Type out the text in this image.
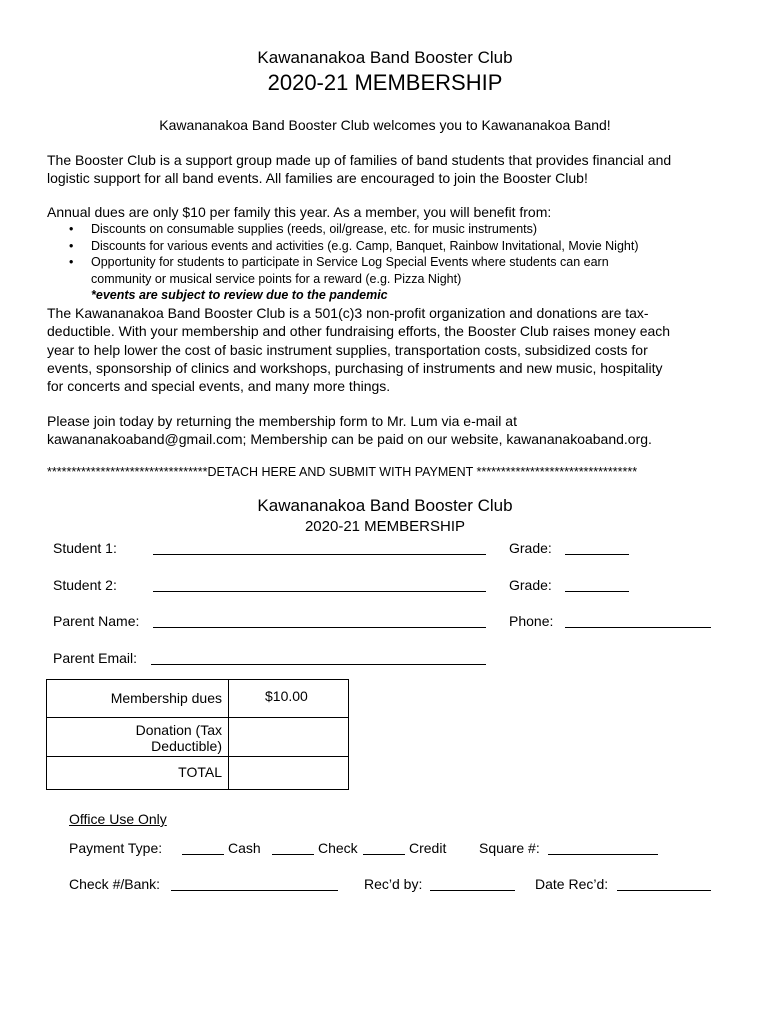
Kawananakoa Band Booster Club
2020-21 MEMBERSHIP
Kawananakoa Band Booster Club welcomes you to Kawananakoa Band!
The Booster Club is a support group made up of families of band students that provides financial and
logistic support for all band events. All families are encouraged to join the Booster Club!
Annual dues are only $10 per family this year. As a member, you will benefit from:
• Discounts on consumable supplies (reeds, oil/grease, etc. for music instruments)
• Discounts for various events and activities (e.g. Camp, Banquet, Rainbow Invitational, Movie Night)
• Opportunity for students to participate in Service Log Special Events where students can earn
community or musical service points for a reward (e.g. Pizza Night)
*events are subject to review due to the pandemic
The Kawananakoa Band Booster Club is a 501(c)3 non-profit organization and donations are tax-
deductible. With your membership and other fundraising efforts, the Booster Club raises money each
year to help lower the cost of basic instrument supplies, transportation costs, subsidized costs for
events, sponsorship of clinics and workshops, purchasing of instruments and new music, hospitality
for concerts and special events, and many more things.
Please join today by returning the membership form to Mr. Lum via e-mail at
kawananakoaband@gmail.com; Membership can be paid on our website, kawananakoaband.org.
*********************************DETACH HERE AND SUBMIT WITH PAYMENT *********************************
Kawananakoa Band Booster Club
2020-21 MEMBERSHIP
Student 1:	Grade:
Student 2:	Grade:
Parent Name:	Phone:
Parent Email:
Membership dues	$10.00

Donation (Tax
Deductible)	

TOTAL	
Office Use Only
Payment Type:	Cash	Check	Credit Square #:
Check #/Bank:	Rec’d by:	Date Rec’d:
